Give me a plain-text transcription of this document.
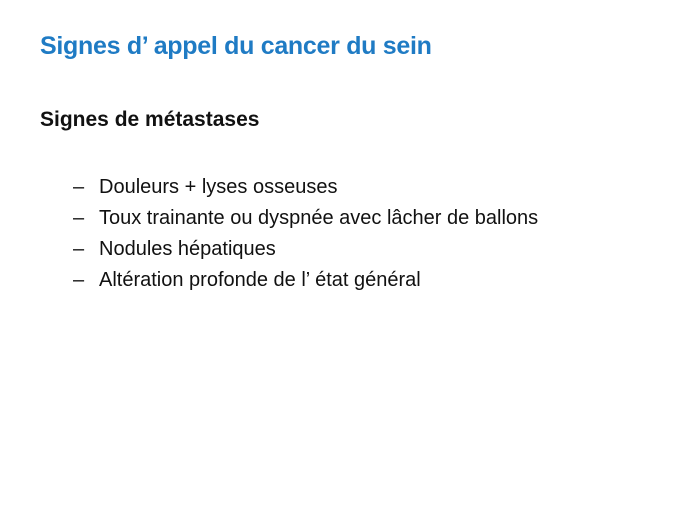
Signes d’ appel du cancer du sein
Signes de métastases
– Douleurs + lyses osseuses
– Toux trainante ou dyspnée avec lâcher de ballons
– Nodules hépatiques
– Altération profonde de l’ état général
